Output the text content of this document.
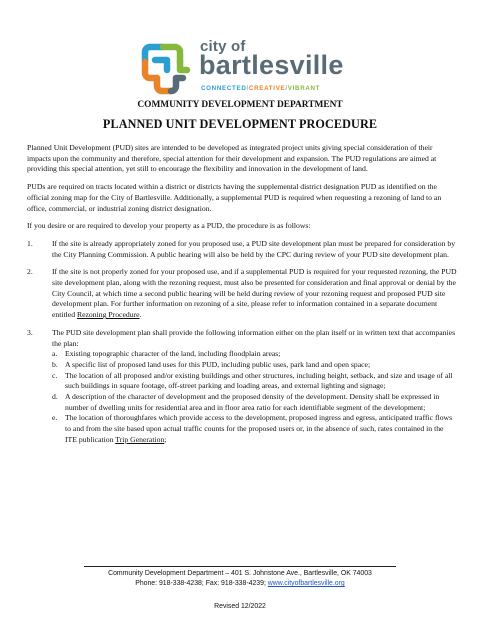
city of
bartlesville
CONNECTED/CREATIVE/VIBRANT
COMMUNITY DEVELOPMENT DEPARTMENT
PLANNED UNIT DEVELOPMENT PROCEDURE

Planned Unit Development (PUD) sites are intended to be developed as integrated project units giving special consideration of their impacts upon the community and therefore, special attention for their development and expansion. The PUD regulations are aimed at providing this special attention, yet still to encourage the flexibility and innovation in the development of land.

PUDs are required on tracts located within a district or districts having the supplemental district designation PUD as identified on the official zoning map for the City of Bartlesville. Additionally, a supplemental PUD is required when requesting a rezoning of land to an office, commercial, or industrial zoning district designation.

If you desire or are required to develop your property as a PUD, the procedure is as follows:

1. If the site is already appropriately zoned for you proposed use, a PUD site development plan must be prepared for consideration by the City Planning Commission. A public hearing will also be held by the CPC during review of your PUD site development plan.
2. If the site is not properly zoned for your proposed use, and if a supplemental PUD is required for your requested rezoning, the PUD site development plan, along with the rezoning request, must also be presented for consideration and final approval or denial by the City Council, at which time a second public hearing will be held during review of your rezoning request and proposed PUD site development plan. For further information on rezoning of a site, please refer to information contained in a separate document entitled Rezoning Procedure.
3. The PUD site development plan shall provide the following information either on the plan itself or in written text that accompanies the plan:
a. Existing topographic character of the land, including floodplain areas;
b. A specific list of proposed land uses for this PUD, including public uses, park land and open space;
c. The location of all proposed and/or existing buildings and other structures, including height, setback, and size and usage of all such buildings in square footage, off-street parking and loading areas, and external lighting and signage;
d. A description of the character of development and the proposed density of the development. Density shall be expressed in number of dwelling units for residential area and in floor area ratio for each identifiable segment of the development;
e. The location of thoroughfares which provide access to the development, proposed ingress and egress, anticipated traffic flows to and from the site based upon actual traffic counts for the proposed users or, in the absence of such, rates contained in the ITE publication Trip Generation;
Community Development Department – 401 S. Johnstone Ave., Bartlesville, OK 74003
Phone: 918-338-4238; Fax: 918-338-4239; www.cityofbartlesville.org
Revised 12/2022
